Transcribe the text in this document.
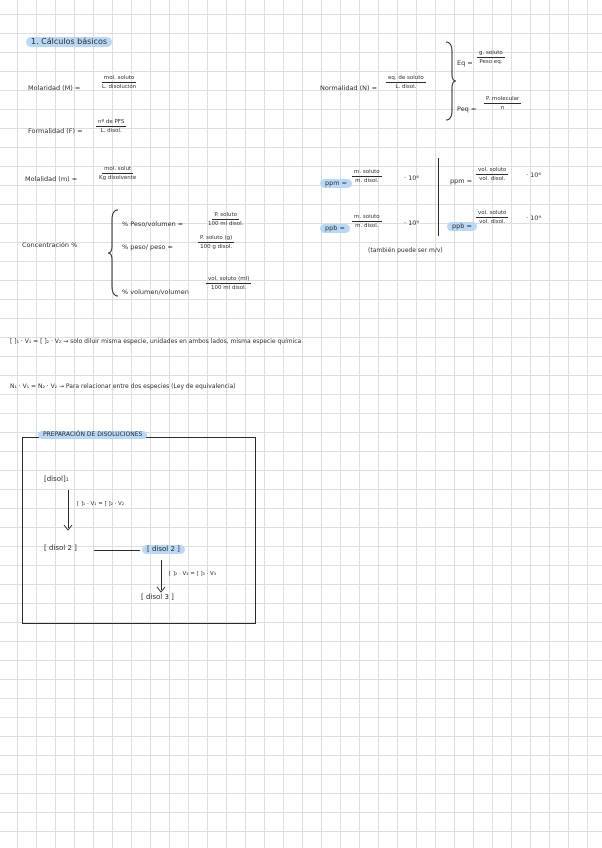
1. Cálculos básicos
Molaridad (M) =
mol. soluto
L. disolución
Formalidad (F) =
nº de PFS
L. disol.
Molalidad (m) =
mol. solut
Kg disolvente
Concentración %
% Peso/volumen =
P. soluto
100 ml disol.
% peso/ peso =
P. soluto (g)
100 g disol.
% volumen/volumen
vol. soluto (ml)
100 ml disol.
Normalidad (N) =
eq. de soluto
L. disol.
Eq =
g. soluto
Peso eq.
Peq =
P. molecular
n
ppm =
m. soluto
m. disol.	· 10⁶
ppb =
m. soluto
m. disol.	· 10⁹
ppm =
vol. soluto
vol. disol.
· 10⁶
ppb =
vol. soluto
vol. disol.
· 10⁹
(también puede ser m/v)
[ ]₁ · V₁ = [ ]₂ · V₂ → solo diluir misma especie, unidades en ambos lados, misma especie química
N₁ · V₁ = N₂ · V₂ → Para relacionar entre dos especies (Ley de equivalencia)
PREPARACIÓN DE DISOLUCIONES
[disol]₁
[ ]₁ · V₁ = [ ]₂ · V₂
[ disol 2 ]	[ disol 2 ]
[ ]₂ · V₂ = [ ]₃ · V₃
[ disol 3 ]
